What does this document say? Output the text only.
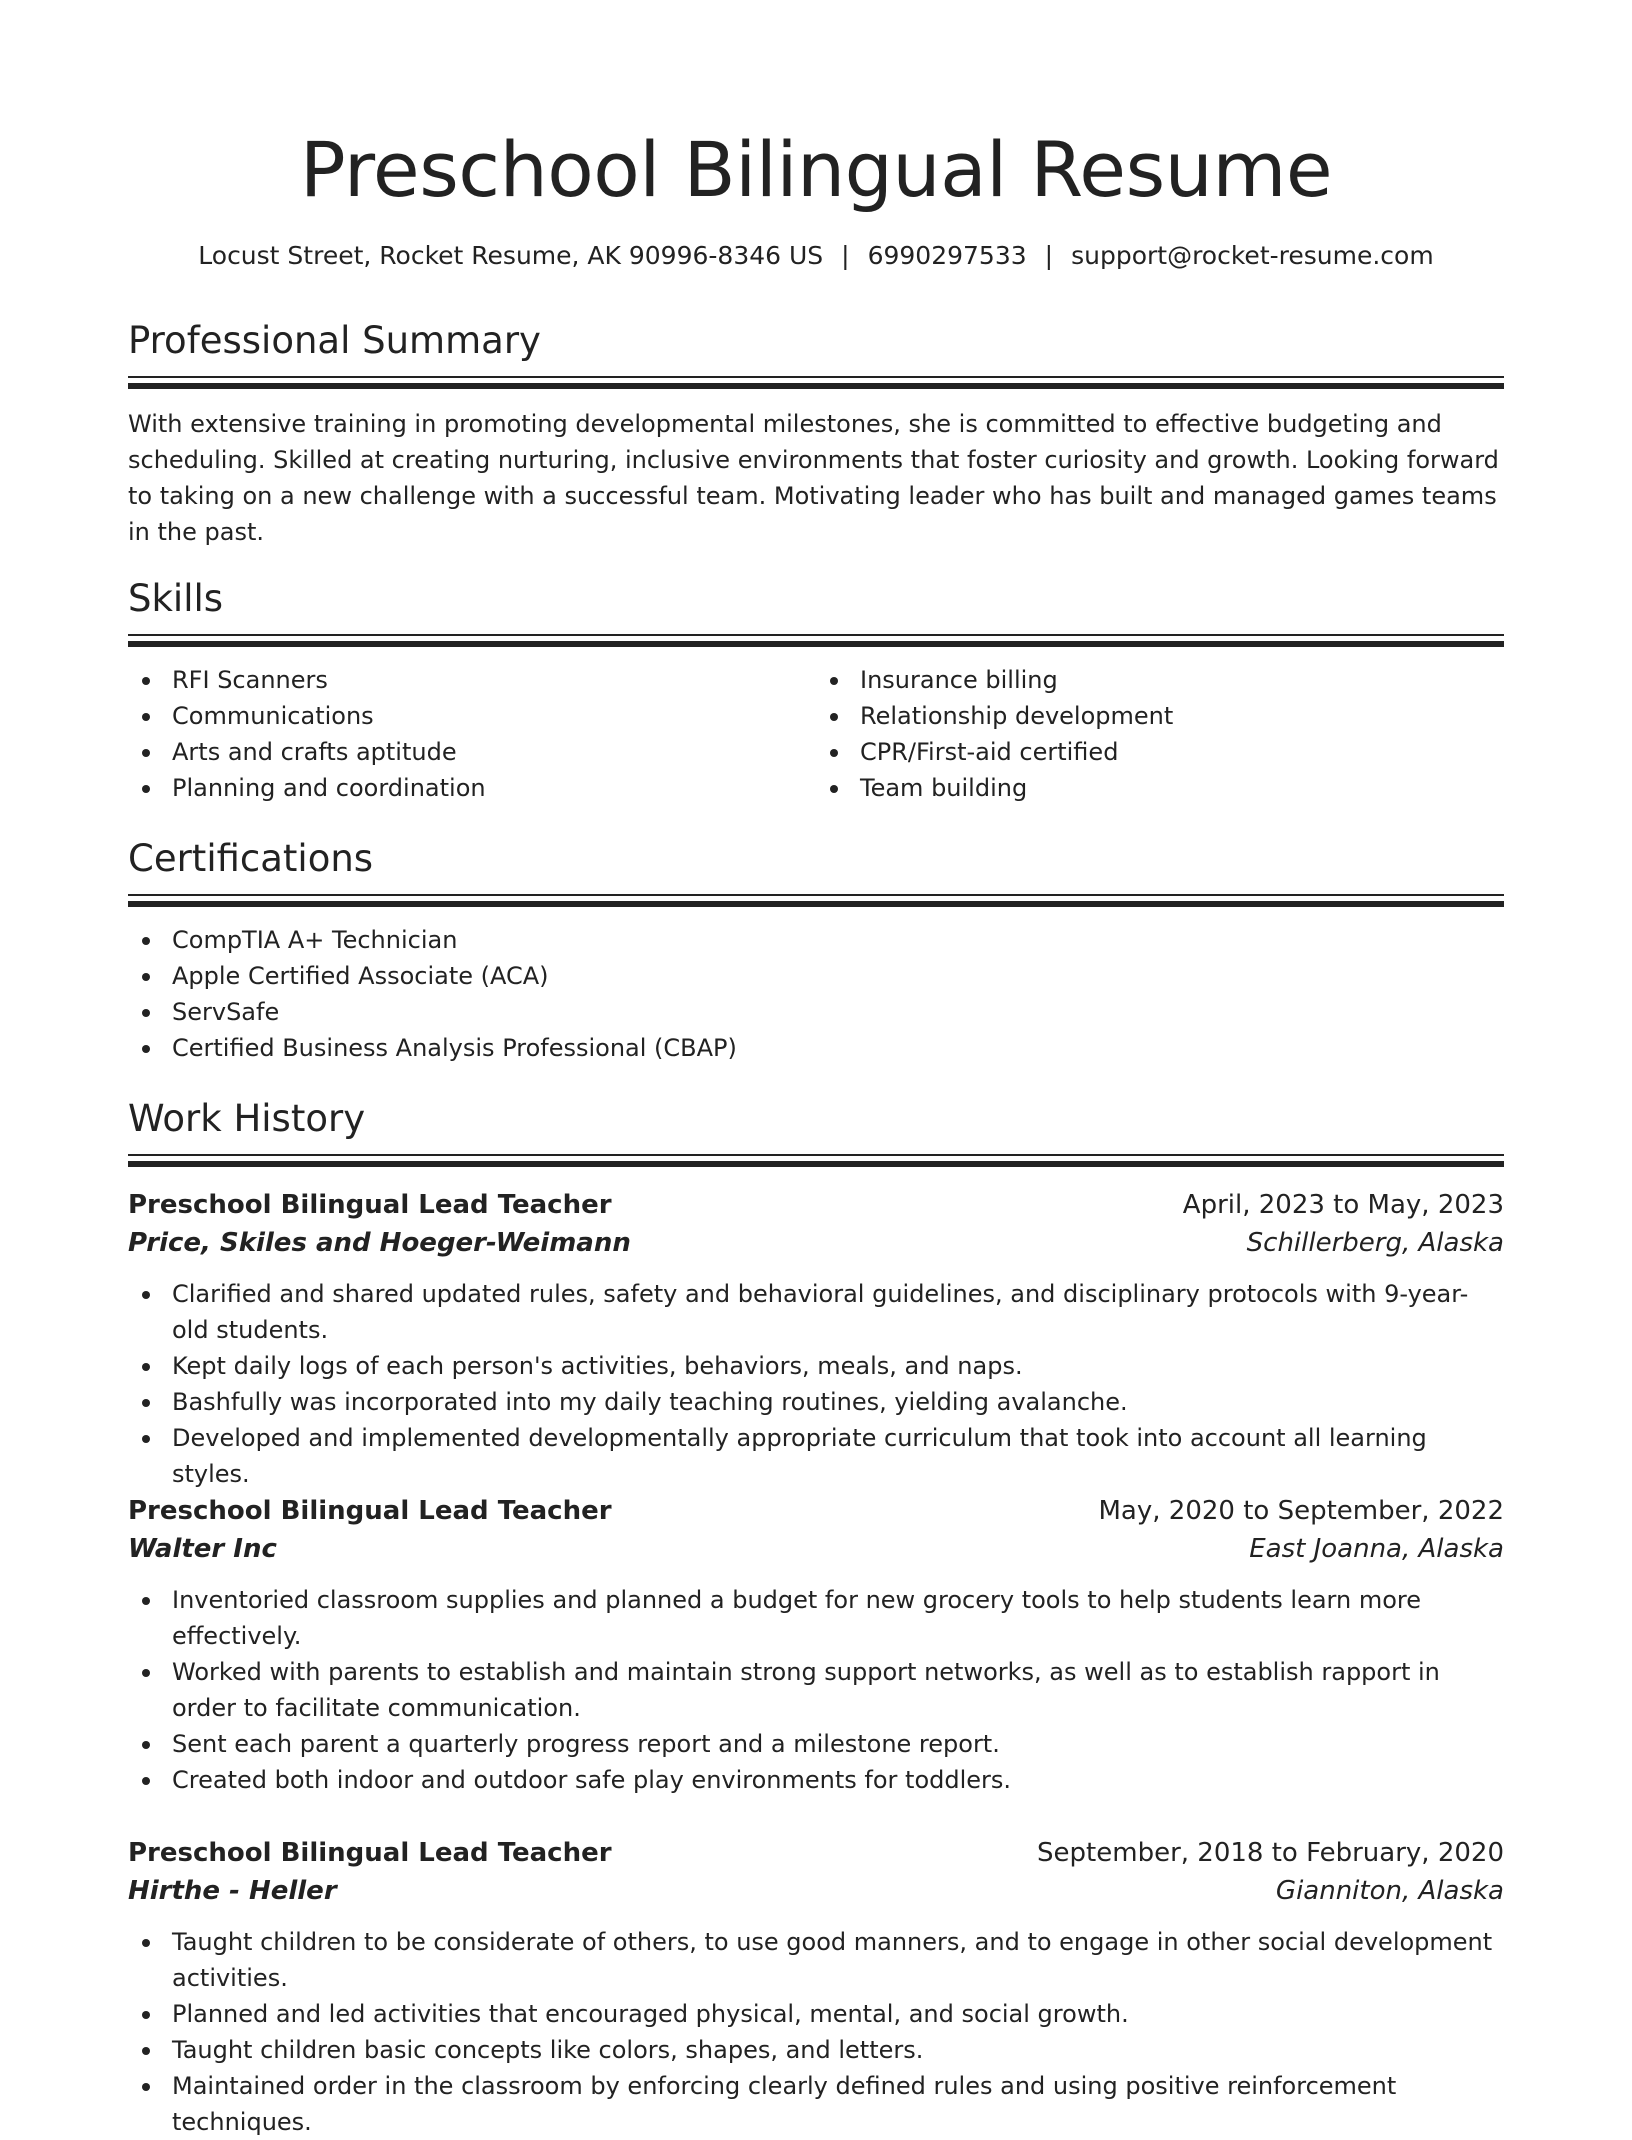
Preschool Bilingual Resume
Locust Street, Rocket Resume, AK 90996-8346 US | 6990297533 | support@rocket-resume.com
Professional Summary

With extensive training in promoting developmental milestones, she is committed to effective budgeting and scheduling. Skilled at creating nurturing, inclusive environments that foster curiosity and growth. Looking forward to taking on a new challenge with a successful team. Motivating leader who has built and managed games teams in the past.

Skills
RFI Scanners
Communications
Arts and crafts aptitude
Planning and coordination
Insurance billing
Relationship development
CPR/First-aid certified
Team building
Certifications
CompTIA A+ Technician
Apple Certified Associate (ACA)
ServSafe
Certified Business Analysis Professional (CBAP)
Work History
Preschool Bilingual Lead Teacher	April, 2023 to May, 2023
Price, Skiles and Hoeger-Weimann	Schillerberg, Alaska
Clarified and shared updated rules, safety and behavioral guidelines, and disciplinary protocols with 9-year-old students.
Kept daily logs of each person's activities, behaviors, meals, and naps.
Bashfully was incorporated into my daily teaching routines, yielding avalanche.
Developed and implemented developmentally appropriate curriculum that took into account all learning styles.
Preschool Bilingual Lead Teacher	May, 2020 to September, 2022
Walter Inc	East Joanna, Alaska
Inventoried classroom supplies and planned a budget for new grocery tools to help students learn more effectively.
Worked with parents to establish and maintain strong support networks, as well as to establish rapport in order to facilitate communication.
Sent each parent a quarterly progress report and a milestone report.
Created both indoor and outdoor safe play environments for toddlers.
Preschool Bilingual Lead Teacher	September, 2018 to February, 2020
Hirthe - Heller	Gianniton, Alaska
Taught children to be considerate of others, to use good manners, and to engage in other social development activities.
Planned and led activities that encouraged physical, mental, and social growth.
Taught children basic concepts like colors, shapes, and letters.
Maintained order in the classroom by enforcing clearly defined rules and using positive reinforcement techniques.
